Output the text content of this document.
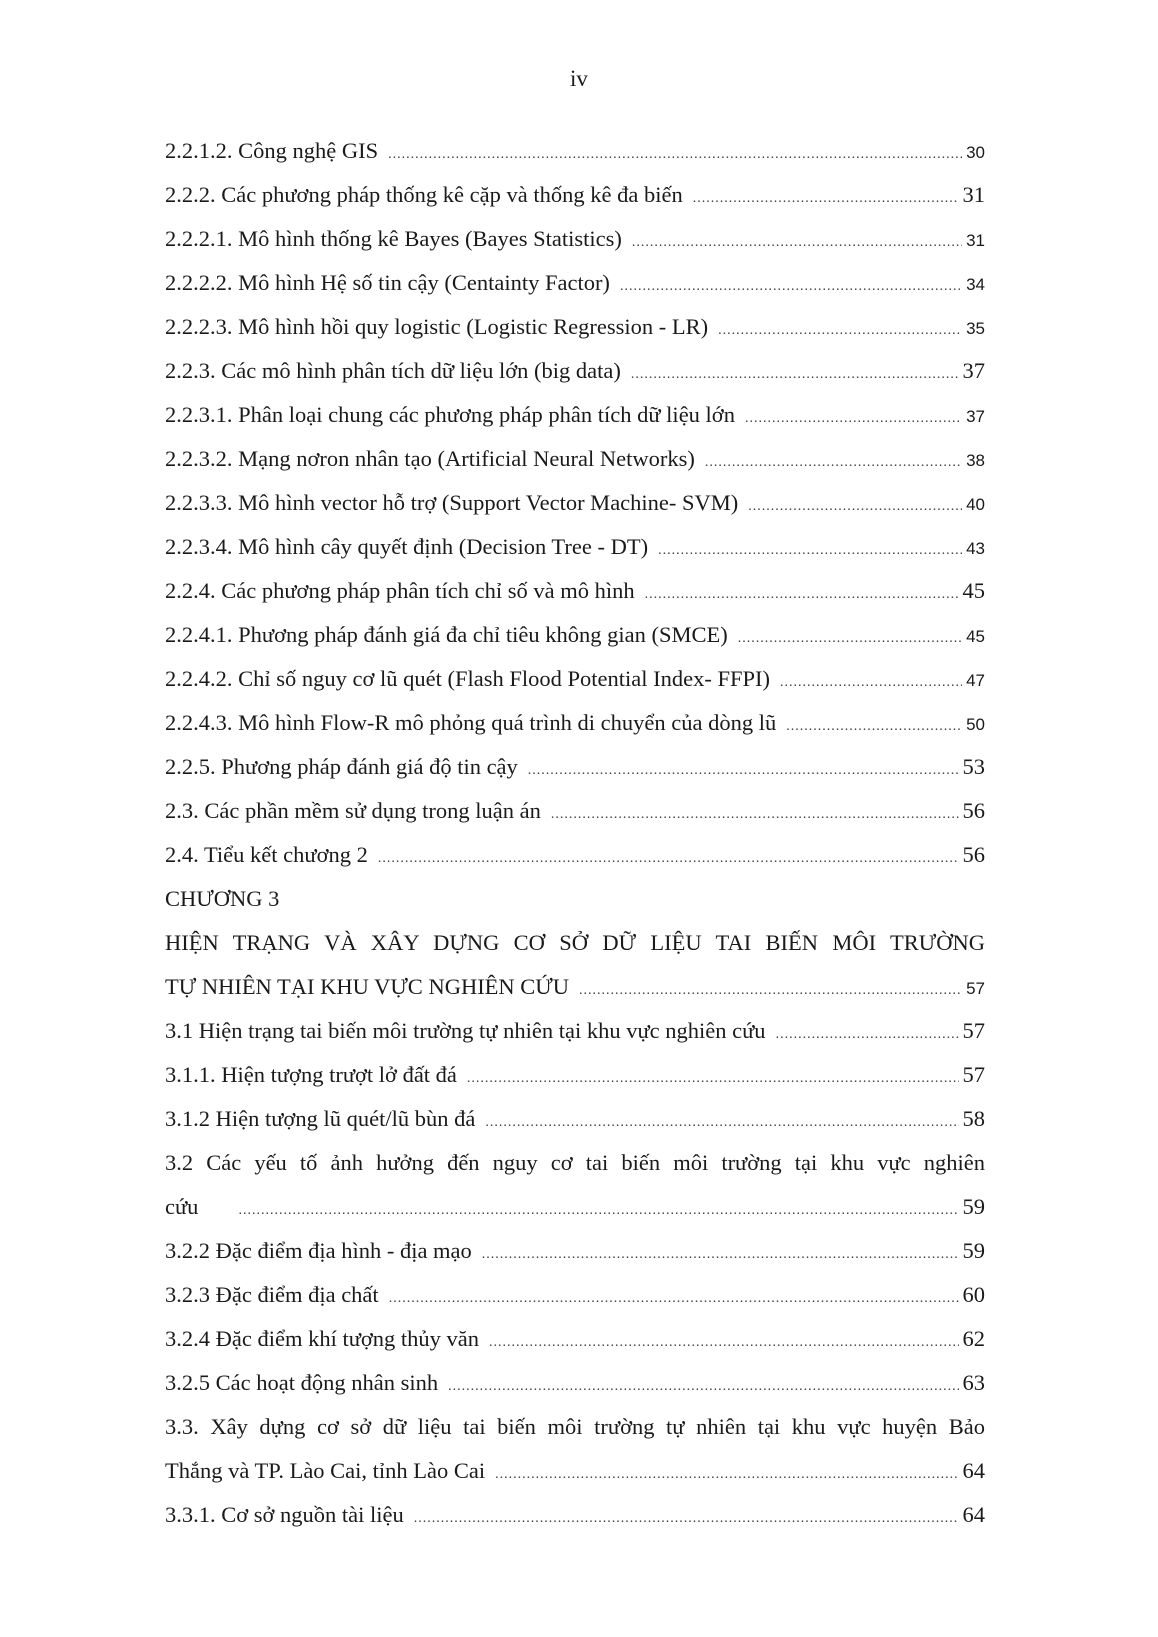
iv
2.2.1.2. Công nghệ GIS .....	30
2.2.2. Các phương pháp thống kê cặp và thống kê đa biến .....	31
2.2.2.1. Mô hình thống kê Bayes (Bayes Statistics) .....	31
2.2.2.2. Mô hình Hệ số tin cậy (Centainty Factor) .....	34
2.2.2.3. Mô hình hồi quy logistic (Logistic Regression - LR) .....	35
2.2.3. Các mô hình phân tích dữ liệu lớn (big data) .....	37
2.2.3.1. Phân loại chung các phương pháp phân tích dữ liệu lớn .....	37
2.2.3.2. Mạng nơron nhân tạo (Artificial Neural Networks) .....	38
2.2.3.3. Mô hình vector hỗ trợ (Support Vector Machine- SVM) .....	40
2.2.3.4. Mô hình cây quyết định (Decision Tree - DT) .....	43
2.2.4. Các phương pháp phân tích chỉ số và mô hình .....	45
2.2.4.1. Phương pháp đánh giá đa chỉ tiêu không gian (SMCE) .....	45
2.2.4.2. Chỉ số nguy cơ lũ quét (Flash Flood Potential Index- FFPI) .....	47
2.2.4.3. Mô hình Flow-R mô phỏng quá trình di chuyển của dòng lũ .....	50
2.2.5. Phương pháp đánh giá độ tin cậy .....	53
2.3. Các phần mềm sử dụng trong luận án .....	56
2.4. Tiểu kết chương 2 .....	56
CHƯƠNG 3
HIỆN TRẠNG VÀ XÂY DỰNG CƠ SỞ DỮ LIỆU TAI BIẾN MÔI TRƯỜNG
TỰ NHIÊN TẠI KHU VỰC NGHIÊN CỨU .....	57
3.1 Hiện trạng tai biến môi trường tự nhiên tại khu vực nghiên cứu .....	57
3.1.1. Hiện tượng trượt lở đất đá .....	57
3.1.2 Hiện tượng lũ quét/lũ bùn đá .....	58
3.2 Các yếu tố ảnh hưởng đến nguy cơ tai biến môi trường tại khu vực nghiên
cứu .....	59
3.2.2 Đặc điểm địa hình - địa mạo .....	59
3.2.3 Đặc điểm địa chất .....	60
3.2.4 Đặc điểm khí tượng thủy văn .....	62
3.2.5 Các hoạt động nhân sinh .....	63
3.3. Xây dựng cơ sở dữ liệu tai biến môi trường tự nhiên tại khu vực huyện Bảo
Thắng và TP. Lào Cai, tỉnh Lào Cai .....	64
3.3.1. Cơ sở nguồn tài liệu .....	64
